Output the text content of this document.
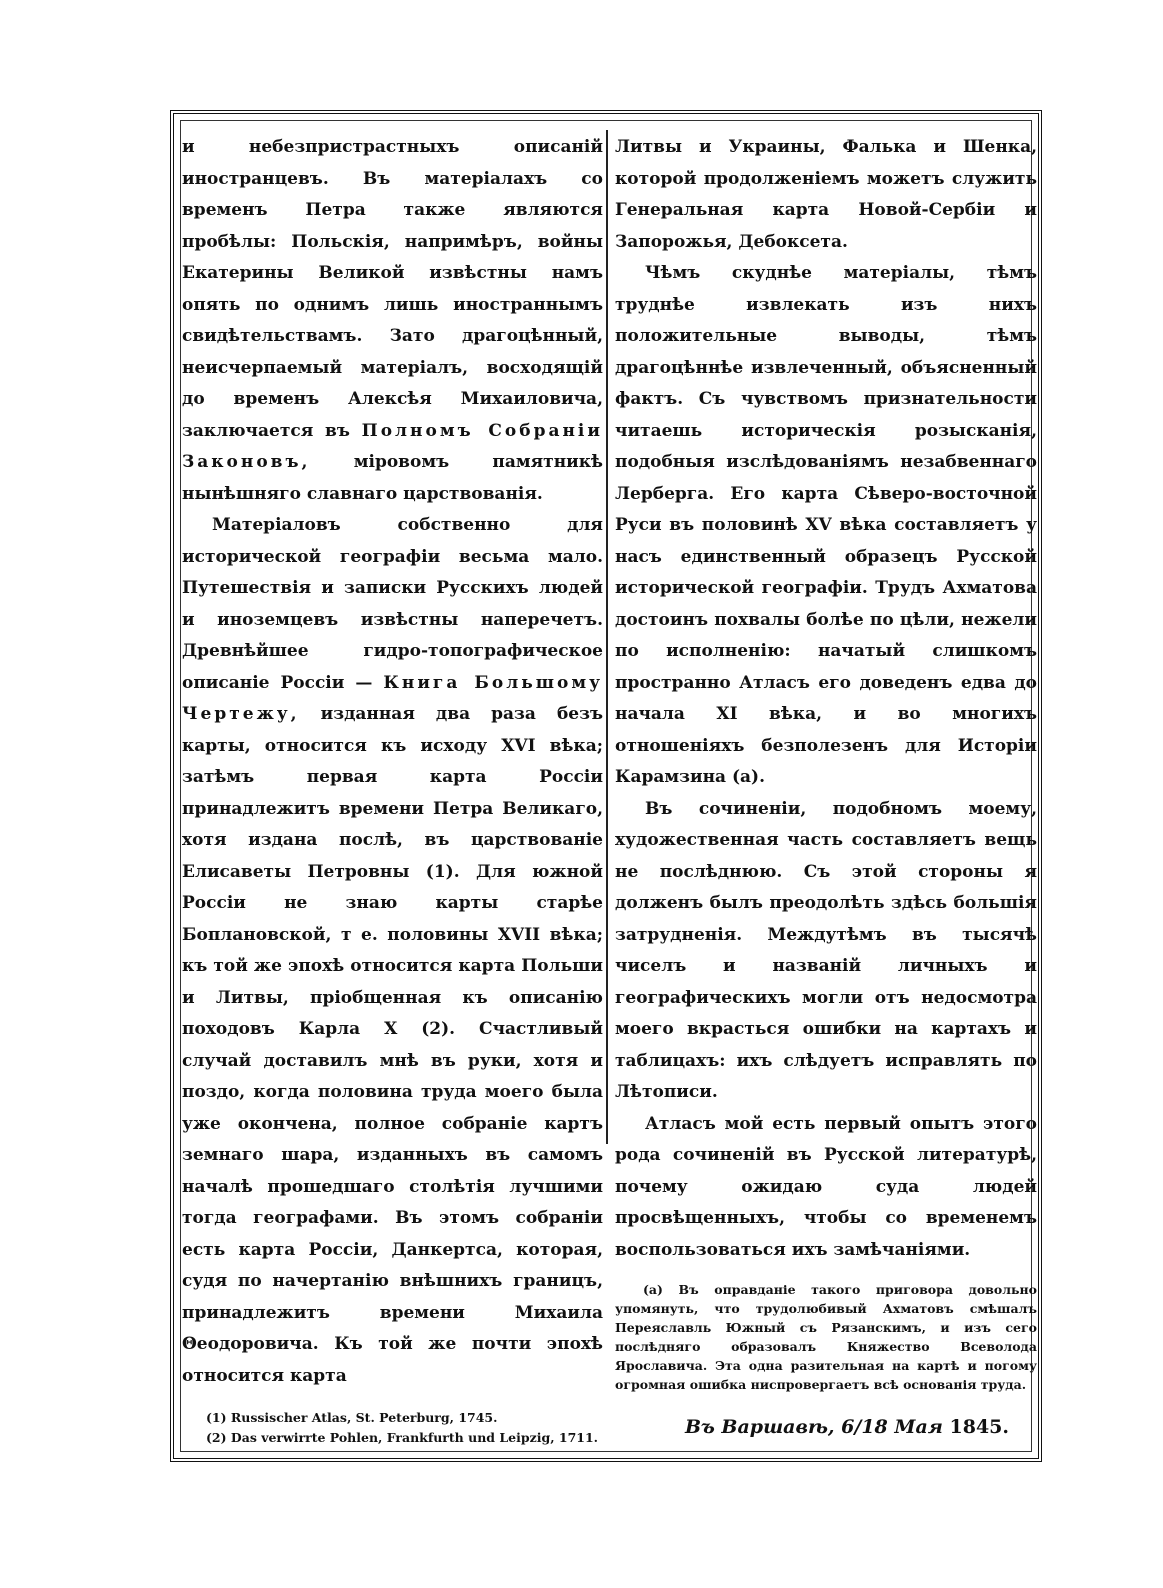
и небезпристрастныхъ описаній иностранцевъ. Въ матеріалахъ со временъ Петра также являются пробѣлы: Польскія, напримѣръ, войны Екатерины Великой извѣстны намъ опять по однимъ лишь иностраннымъ свидѣтельствамъ. Зато драгоцѣнный, неисчерпаемый матеріалъ, восходящій до временъ Алексѣя Михаиловича, заключается въ Полномъ Собраніи Законовъ,	міровомъ памятникѣ нынѣшняго славнаго царствованія.

Матеріаловъ собственно для исторической географіи весьма мало. Путешествія и записки Русскихъ людей и иноземцевъ извѣстны наперечетъ. Древнѣйшее гидро-топографическое описаніе Россіи — Книга Большому Чертежу, изданная два раза безъ карты, относится къ исходу XVI вѣка; затѣмъ первая карта Россіи принадлежитъ времени Петра Великаго, хотя издана послѣ, въ царствованіе Елисаветы Петровны (1). Для южной Россіи не знаю карты старѣе Боплановской, т е. половины XVII вѣка; къ той же эпохѣ относится карта Польши и Литвы, пріобщенная къ описанію походовъ Карла X (2). Счастливый случай доставилъ мнѣ въ руки, хотя и поздо, когда половина труда моего была уже окончена, полное собраніе картъ земнаго шара, изданныхъ въ самомъ началѣ прошедшаго столѣтія лучшими тогда географами. Въ этомъ собраніи есть карта Россіи, Данкертса, которая, судя по начертанію внѣшнихъ границъ, принадлежитъ времени Михаила Θеодоровича. Къ той же почти эпохѣ относится карта

(1) Russischer Atlas, St. Peterburg, 1745.
(2) Das verwirrte Pohlen, Frankfurth und Leipzig, 1711.

Литвы и Украины, Фалька и Шенка, которой продолженіемъ можетъ служить Генеральная карта Новой-Сербіи и Запорожья, Дебоксета.

Чѣмъ скуднѣе матеріалы, тѣмъ труднѣе извлекать изъ нихъ положительные выводы, тѣмъ драгоцѣннѣе извлеченный, объясненный фактъ. Съ чувствомъ признательности читаешь историческія розысканія, подобныя изслѣдованіямъ незабвеннаго Лерберга. Его карта Сѣверо-восточной Руси въ половинѣ XV вѣка составляетъ у насъ единственный образецъ Русской исторической географіи. Трудъ Ахматова достоинъ похвалы болѣе по цѣли, нежели по исполненію: начатый слишкомъ пространно Атласъ его доведенъ едва до начала XI вѣка, и во многихъ отношеніяхъ безполезенъ для Исторіи Карамзина (а).

Въ сочиненіи, подобномъ моему, художественная часть составляетъ вещь не послѣднюю. Съ этой стороны я долженъ былъ преодолѣть здѣсь большія затрудненія. Междутѣмъ въ тысячѣ чиселъ и названій личныхъ и географическихъ могли отъ недосмотра моего вкрасться ошибки на картахъ и таблицахъ: ихъ слѣдуетъ исправлять по Лѣтописи.

Атласъ мой есть первый опытъ этого рода сочиненій въ Русской литературѣ, почему ожидаю суда людей просвѣщенныхъ, чтобы со временемъ воспользоваться ихъ замѣчаніями.

(а) Въ оправданіе такого приговора довольно упомянуть, что трудолюбивый Ахматовъ смѣшалъ Переяславль Южный съ Рязанскимъ, и изъ сего послѣдняго образовалъ Княжество Всеволода Ярославича. Эта одна разительная на картѣ и погому огромная ошибка ниспровергаетъ всѣ основанія труда.
Въ Варшавѣ, 6/18 Мая 1845.
